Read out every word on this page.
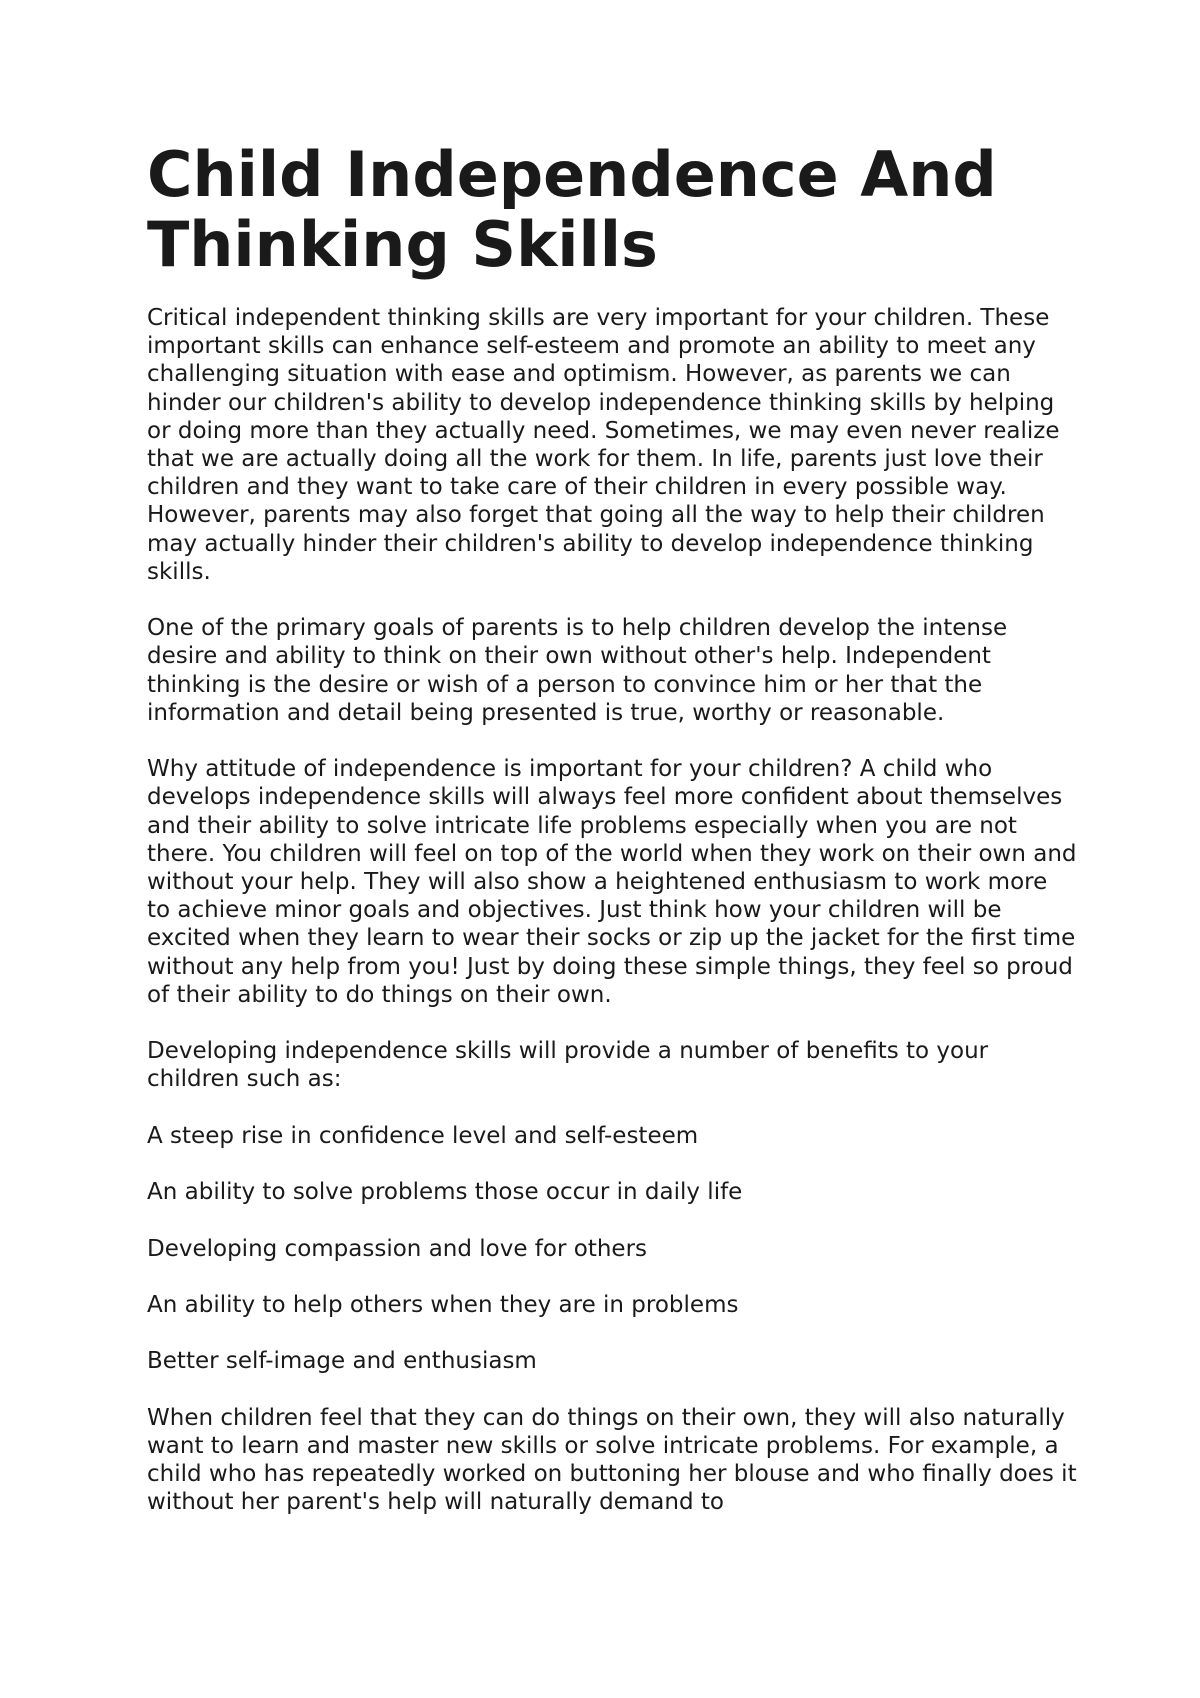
Child Independence And Thinking Skills

Critical independent thinking skills are very important for your children. These important skills can enhance self-esteem and promote an ability to meet any challenging situation with ease and optimism. However, as parents we can hinder our children's ability to develop independence thinking skills by helping or doing more than they actually need. Sometimes, we may even never realize that we are actually doing all the work for them. In life, parents just love their children and they want to take care of their children in every possible way. However, parents may also forget that going all the way to help their children may actually hinder their children's ability to develop independence thinking skills.

One of the primary goals of parents is to help children develop the intense desire and ability to think on their own without other's help. Independent thinking is the desire or wish of a person to convince him or her that the information and detail being presented is true, worthy or reasonable.

Why attitude of independence is important for your children? A child who develops independence skills will always feel more confident about themselves and their ability to solve intricate life problems especially when you are not there. You children will feel on top of the world when they work on their own and without your help. They will also show a heightened enthusiasm to work more to achieve minor goals and objectives. Just think how your children will be excited when they learn to wear their socks or zip up the jacket for the first time without any help from you! Just by doing these simple things, they feel so proud of their ability to do things on their own.

Developing independence skills will provide a number of benefits to your children such as:

A steep rise in confidence level and self-esteem

An ability to solve problems those occur in daily life

Developing compassion and love for others

An ability to help others when they are in problems

Better self-image and enthusiasm

When children feel that they can do things on their own, they will also naturally want to learn and master new skills or solve intricate problems. For example, a child who has repeatedly worked on buttoning her blouse and who finally does it without her parent's help will naturally demand to
